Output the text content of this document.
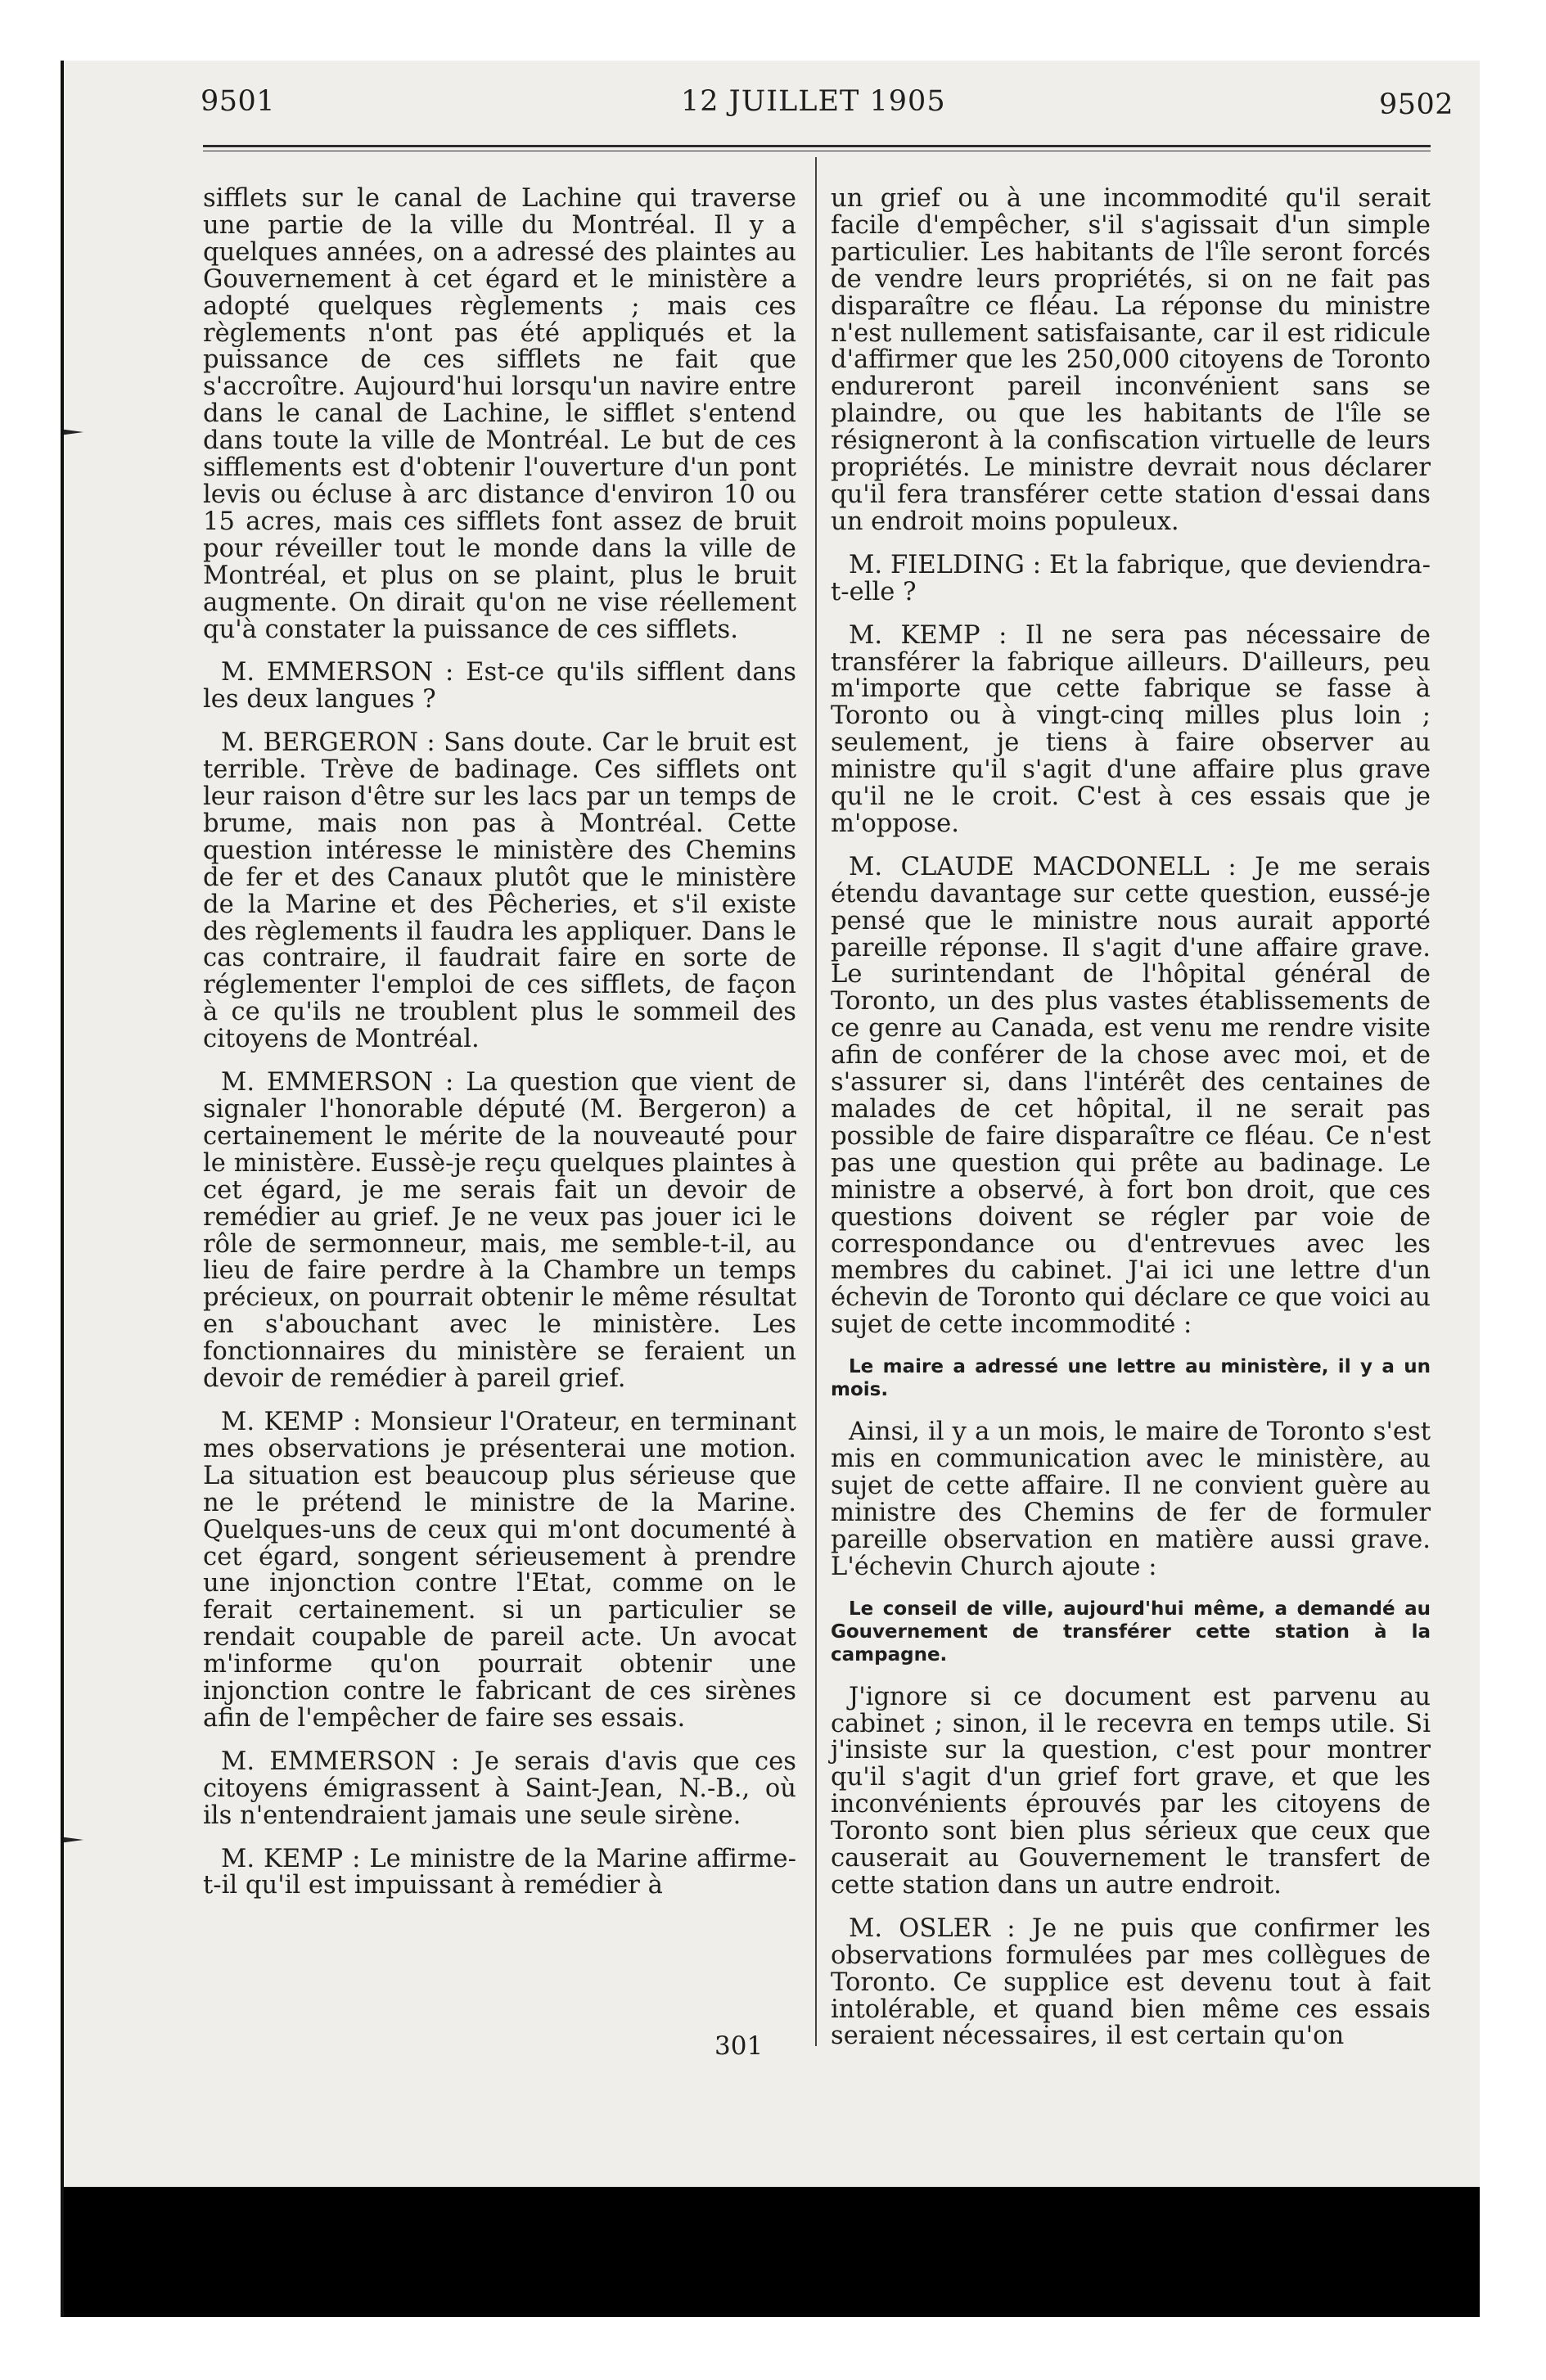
9501	12 JUILLET 1905	9502

sifflets sur le canal de Lachine qui traverse une partie de la ville du Montréal. Il y a quelques années, on a adressé des plaintes au Gouvernement à cet égard et le ministère a adopté quelques règlements ; mais ces règlements n'ont pas été appliqués et la puissance de ces sifflets ne fait que s'accroître. Aujourd'hui lorsqu'un navire entre dans le canal de Lachine, le sifflet s'entend dans toute la ville de Montréal. Le but de ces sifflements est d'obtenir l'ouverture d'un pont levis ou écluse à arc distance d'environ 10 ou 15 acres, mais ces sifflets font assez de bruit pour réveiller tout le monde dans la ville de Montréal, et plus on se plaint, plus le bruit augmente. On dirait qu'on ne vise réellement qu'à constater la puissance de ces sifflets.

M. EMMERSON : Est-ce qu'ils sifflent dans les deux langues ?

M. BERGERON : Sans doute. Car le bruit est terrible. Trève de badinage. Ces sifflets ont leur raison d'être sur les lacs par un temps de brume, mais non pas à Montréal. Cette question intéresse le ministère des Chemins de fer et des Canaux plutôt que le ministère de la Marine et des Pêcheries, et s'il existe des règlements il faudra les appliquer. Dans le cas contraire, il faudrait faire en sorte de réglementer l'emploi de ces sifflets, de façon à ce qu'ils ne troublent plus le sommeil des citoyens de Montréal.

M. EMMERSON : La question que vient de signaler l'honorable député (M. Bergeron) a certainement le mérite de la nouveauté pour le ministère. Eussè-je reçu quelques plaintes à cet égard, je me serais fait un devoir de remédier au grief. Je ne veux pas jouer ici le rôle de sermonneur, mais, me semble-t-il, au lieu de faire perdre à la Chambre un temps précieux, on pourrait obtenir le même résultat en s'abouchant avec le ministère. Les fonctionnaires du ministère se feraient un devoir de remédier à pareil grief.

M. KEMP : Monsieur l'Orateur, en terminant mes observations je présenterai une motion. La situation est beaucoup plus sérieuse que ne le prétend le ministre de la Marine. Quelques-uns de ceux qui m'ont documenté à cet égard, songent sérieusement à prendre une injonction contre l'Etat, comme on le ferait certainement. si un particulier se rendait coupable de pareil acte. Un avocat m'informe qu'on pourrait obtenir une injonction contre le fabricant de ces sirènes afin de l'empêcher de faire ses essais.

M. EMMERSON : Je serais d'avis que ces citoyens émigrassent à Saint-Jean, N.-B., où ils n'entendraient jamais une seule sirène.

M. KEMP : Le ministre de la Marine affirme-t-il qu'il est impuissant à remédier à

un grief ou à une incommodité qu'il serait facile d'empêcher, s'il s'agissait d'un simple particulier. Les habitants de l'île seront forcés de vendre leurs propriétés, si on ne fait pas disparaître ce fléau. La réponse du ministre n'est nullement satisfaisante, car il est ridicule d'affirmer que les 250,000 citoyens de Toronto endureront pareil inconvénient sans se plaindre, ou que les habitants de l'île se résigneront à la confiscation virtuelle de leurs propriétés. Le ministre devrait nous déclarer qu'il fera transférer cette station d'essai dans un endroit moins populeux.

M. FIELDING : Et la fabrique, que deviendra-t-elle ?

M. KEMP : Il ne sera pas nécessaire de transférer la fabrique ailleurs. D'ailleurs, peu m'importe que cette fabrique se fasse à Toronto ou à vingt-cinq milles plus loin ; seulement, je tiens à faire observer au ministre qu'il s'agit d'une affaire plus grave qu'il ne le croit. C'est à ces essais que je m'oppose.

M. CLAUDE MACDONELL : Je me serais étendu davantage sur cette question, eussé-je pensé que le ministre nous aurait apporté pareille réponse. Il s'agit d'une affaire grave. Le surintendant de l'hôpital général de Toronto, un des plus vastes établissements de ce genre au Canada, est venu me rendre visite afin de conférer de la chose avec moi, et de s'assurer si, dans l'intérêt des centaines de malades de cet hôpital, il ne serait pas possible de faire disparaître ce fléau. Ce n'est pas une question qui prête au badinage. Le ministre a observé, à fort bon droit, que ces questions doivent se régler par voie de correspondance ou d'entrevues avec les membres du cabinet. J'ai ici une lettre d'un échevin de Toronto qui déclare ce que voici au sujet de cette incommodité :

Le maire a adressé une lettre au ministère, il y a un mois.

Ainsi, il y a un mois, le maire de Toronto s'est mis en communication avec le ministère, au sujet de cette affaire. Il ne convient guère au ministre des Chemins de fer de formuler pareille observation en matière aussi grave. L'échevin Church ajoute :

Le conseil de ville, aujourd'hui même, a demandé au Gouvernement de transférer cette station à la campagne.

J'ignore si ce document est parvenu au cabinet ; sinon, il le recevra en temps utile. Si j'insiste sur la question, c'est pour montrer qu'il s'agit d'un grief fort grave, et que les inconvénients éprouvés par les citoyens de Toronto sont bien plus sérieux que ceux que causerait au Gouvernement le transfert de cette station dans un autre endroit.

M. OSLER : Je ne puis que confirmer les observations formulées par mes collègues de Toronto. Ce supplice est devenu tout à fait intolérable, et quand bien même ces essais seraient nécessaires, il est certain qu'on

301
